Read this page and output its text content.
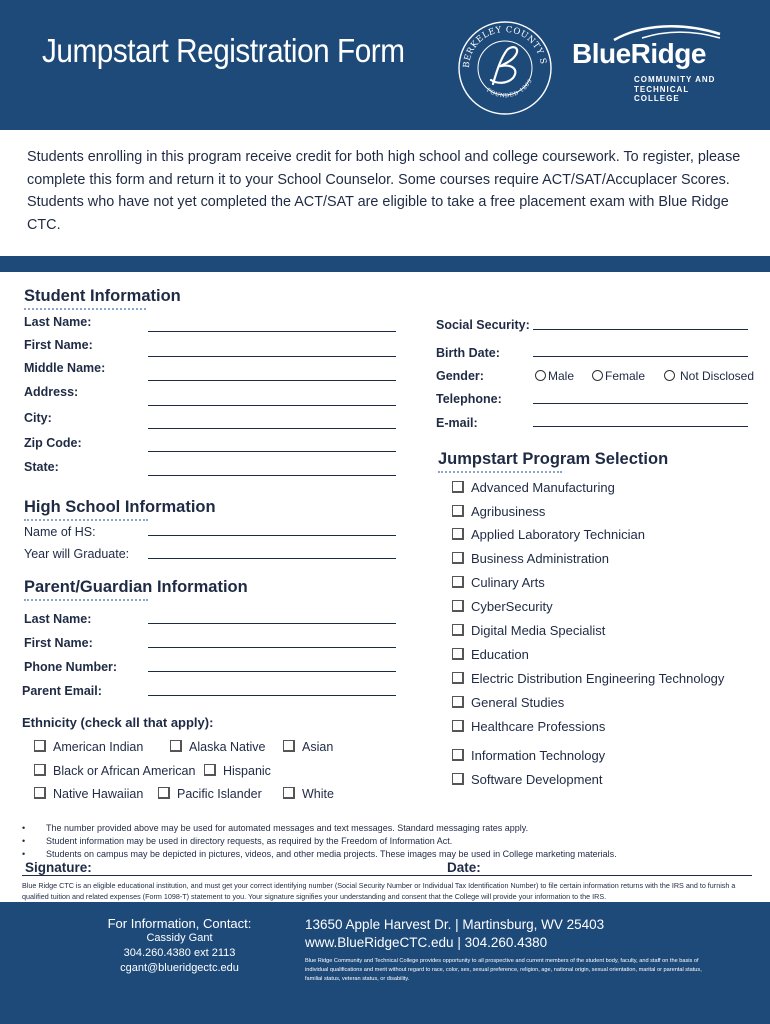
Jumpstart Registration Form	BERKELEY COUNTY S
FOUNDED 1863
BlueRidge
COMMUNITY AND
TECHNICAL COLLEGE
Students enrolling in this program receive credit for both high school and college coursework. To register, please complete this form and return it to your School Counselor. Some courses require ACT/SAT/Accuplacer Scores. Students who have not yet completed the ACT/SAT are eligible to take a free placement exam with Blue Ridge CTC.
Student Information
Last Name:
First Name:
Middle Name:
Address:
City:
Zip Code:
State:
Social Security:
Birth Date:
Gender:	Male	Female	Not Disclosed
Telephone:
E-mail:
Jumpstart Program Selection
Advanced Manufacturing
Agribusiness
Applied Laboratory Technician
Business Administration
Culinary Arts
CyberSecurity
Digital Media Specialist
Education
Electric Distribution Engineering Technology
General Studies
Healthcare Professions
Information Technology
Software Development
High School Information
Name of HS:
Year will Graduate:
Parent/Guardian Information
Last Name:
First Name:
Phone Number:
Parent Email:
Ethnicity (check all that apply):
American Indian	Alaska Native	Asian
Black or African American	Hispanic
Native Hawaiian	Pacific Islander	White
• The number provided above may be used for automated messages and text messages. Standard messaging rates apply.
• Student information may be used in directory requests, as required by the Freedom of Information Act.
• Students on campus may be depicted in pictures, videos, and other media projects. These images may be used in College marketing materials.
Signature:	Date:
Blue Ridge CTC is an eligible educational institution, and must get your correct identifying number (Social Security Number or Individual Tax Identification Number) to file certain information returns with the IRS and to furnish a qualified tuition and related expenses (Form 1098-T) statement to you. Your signature signifies your understanding and consent that the College will provide your information to the IRS.
For Information, Contact:
Cassidy Gant
304.260.4380 ext 2113
cgant@blueridgectc.edu
13650 Apple Harvest Dr. | Martinsburg, WV 25403
www.BlueRidgeCTC.edu | 304.260.4380
Blue Ridge Community and Technical College provides opportunity to all prospective and current members of the student body, faculty, and staff on the basis of individual qualifications and merit without regard to race, color, sex, sexual preference, religion, age, national origin, sexual orientation, marital or parental status, familial status, veteran status, or disability.
